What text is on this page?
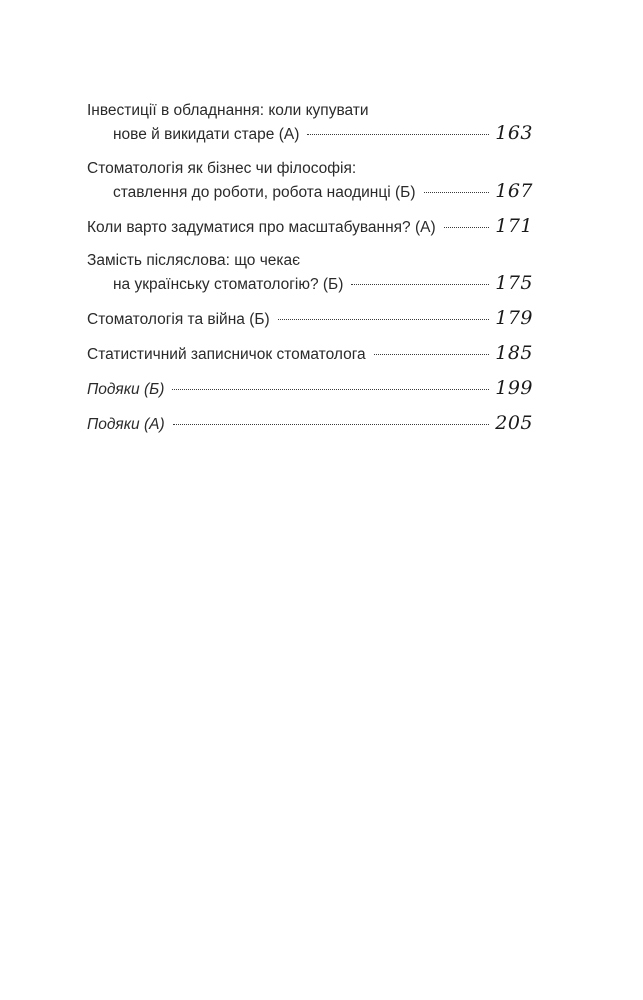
Інвестиції в обладнання: коли купувати
нове й викидати старе (А)	163
Стоматологія як бізнес чи філософія:
ставлення до роботи, робота наодинці (Б)	167
Коли варто задуматися про масштабування? (А)	171
Замість післяслова: що чекає
на українську стоматологію? (Б)	175
Стоматологія та війна (Б)	179
Статистичний записничок стоматолога	185
Подяки (Б)	199
Подяки (А)	205
